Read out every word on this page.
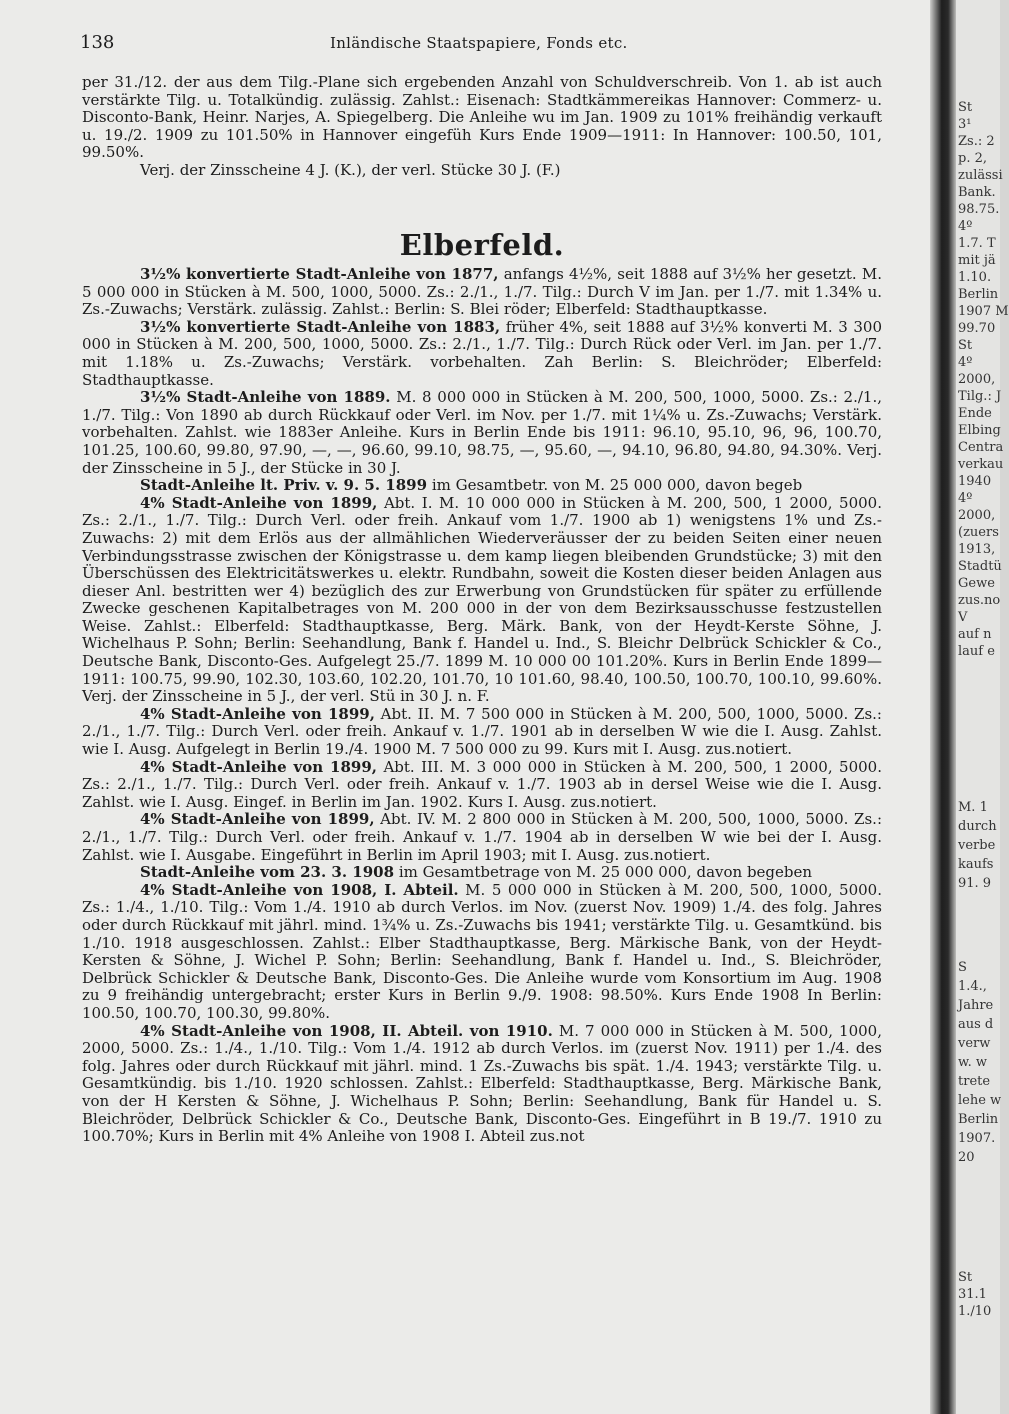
138	Inländische Staatspapiere, Fonds etc.

per 31./12. der aus dem Tilg.-Plane sich ergebenden Anzahl von Schuldverschreib. Von 1. ab ist auch verstärkte Tilg. u. Totalkündig. zulässig. Zahlst.: Eisenach: Stadtkämmereikas Hannover: Commerz- u. Disconto-Bank, Heinr. Narjes, A. Spiegelberg. Die Anleihe wu im Jan. 1909 zu 101% freihändig verkauft u. 19./2. 1909 zu 101.50% in Hannover eingefüh Kurs Ende 1909—1911: In Hannover: 100.50, 101, 99.50%.

Verj. der Zinsscheine 4 J. (K.), der verl. Stücke 30 J. (F.)

Elberfeld.

3½% konvertierte Stadt-Anleihe von 1877, anfangs 4½%, seit 1888 auf 3½% her gesetzt. M. 5 000 000 in Stücken à M. 500, 1000, 5000. Zs.: 2./1., 1./7. Tilg.: Durch V im Jan. per 1./7. mit 1.34% u. Zs.-Zuwachs; Verstärk. zulässig. Zahlst.: Berlin: S. Blei röder; Elberfeld: Stadthauptkasse.

3½% konvertierte Stadt-Anleihe von 1883, früher 4%, seit 1888 auf 3½% konverti M. 3 300 000 in Stücken à M. 200, 500, 1000, 5000. Zs.: 2./1., 1./7. Tilg.: Durch Rück oder Verl. im Jan. per 1./7. mit 1.18% u. Zs.-Zuwachs; Verstärk. vorbehalten. Zah Berlin: S. Bleichröder; Elberfeld: Stadthauptkasse.

3½% Stadt-Anleihe von 1889. M. 8 000 000 in Stücken à M. 200, 500, 1000, 5000. Zs.: 2./1., 1./7. Tilg.: Von 1890 ab durch Rückkauf oder Verl. im Nov. per 1./7. mit 1¼% u. Zs.-Zuwachs; Verstärk. vorbehalten. Zahlst. wie 1883er Anleihe. Kurs in Berlin Ende bis 1911: 96.10, 95.10, 96, 96, 100.70, 101.25, 100.60, 99.80, 97.90, —, —, 96.60, 99.10, 98.75, —, 95.60, —, 94.10, 96.80, 94.80, 94.30%. Verj. der Zinsscheine in 5 J., der Stücke in 30 J.

Stadt-Anleihe lt. Priv. v. 9. 5. 1899 im Gesamtbetr. von M. 25 000 000, davon begeb

4% Stadt-Anleihe von 1899, Abt. I. M. 10 000 000 in Stücken à M. 200, 500, 1 2000, 5000. Zs.: 2./1., 1./7. Tilg.: Durch Verl. oder freih. Ankauf vom 1./7. 1900 ab 1) wenigstens 1% und Zs.-Zuwachs: 2) mit dem Erlös aus der allmählichen Wiederveräusser der zu beiden Seiten einer neuen Verbindungsstrasse zwischen der Königstrasse u. dem kamp liegen bleibenden Grundstücke; 3) mit den Überschüssen des Elektricitätswerkes u. elektr. Rundbahn, soweit die Kosten dieser beiden Anlagen aus dieser Anl. bestritten wer 4) bezüglich des zur Erwerbung von Grundstücken für später zu erfüllende Zwecke geschenen Kapitalbetrages von M. 200 000 in der von dem Bezirksausschusse festzustellen Weise. Zahlst.: Elberfeld: Stadthauptkasse, Berg. Märk. Bank, von der Heydt-Kerste Söhne, J. Wichelhaus P. Sohn; Berlin: Seehandlung, Bank f. Handel u. Ind., S. Bleichr Delbrück Schickler & Co., Deutsche Bank, Disconto-Ges. Aufgelegt 25./7. 1899 M. 10 000 00 101.20%. Kurs in Berlin Ende 1899—1911: 100.75, 99.90, 102.30, 103.60, 102.20, 101.70, 10 101.60, 98.40, 100.50, 100.70, 100.10, 99.60%. Verj. der Zinsscheine in 5 J., der verl. Stü in 30 J. n. F.

4% Stadt-Anleihe von 1899, Abt. II. M. 7 500 000 in Stücken à M. 200, 500, 1000, 5000. Zs.: 2./1., 1./7. Tilg.: Durch Verl. oder freih. Ankauf v. 1./7. 1901 ab in derselben W wie die I. Ausg. Zahlst. wie I. Ausg. Aufgelegt in Berlin 19./4. 1900 M. 7 500 000 zu 99. Kurs mit I. Ausg. zus.notiert.

4% Stadt-Anleihe von 1899, Abt. III. M. 3 000 000 in Stücken à M. 200, 500, 1 2000, 5000. Zs.: 2./1., 1./7. Tilg.: Durch Verl. oder freih. Ankauf v. 1./7. 1903 ab in dersel Weise wie die I. Ausg. Zahlst. wie I. Ausg. Eingef. in Berlin im Jan. 1902. Kurs I. Ausg. zus.notiert.

4% Stadt-Anleihe von 1899, Abt. IV. M. 2 800 000 in Stücken à M. 200, 500, 1000, 5000. Zs.: 2./1., 1./7. Tilg.: Durch Verl. oder freih. Ankauf v. 1./7. 1904 ab in derselben W wie bei der I. Ausg. Zahlst. wie I. Ausgabe. Eingeführt in Berlin im April 1903; mit I. Ausg. zus.notiert.

Stadt-Anleihe vom 23. 3. 1908 im Gesamtbetrage von M. 25 000 000, davon begeben

4% Stadt-Anleihe von 1908, I. Abteil. M. 5 000 000 in Stücken à M. 200, 500, 1000, 5000. Zs.: 1./4., 1./10. Tilg.: Vom 1./4. 1910 ab durch Verlos. im Nov. (zuerst Nov. 1909) 1./4. des folg. Jahres oder durch Rückkauf mit jährl. mind. 1¾% u. Zs.-Zuwachs bis 1941; verstärkte Tilg. u. Gesamtkünd. bis 1./10. 1918 ausgeschlossen. Zahlst.: Elber Stadthauptkasse, Berg. Märkische Bank, von der Heydt-Kersten & Söhne, J. Wichel P. Sohn; Berlin: Seehandlung, Bank f. Handel u. Ind., S. Bleichröder, Delbrück Schickler & Deutsche Bank, Disconto-Ges. Die Anleihe wurde vom Konsortium im Aug. 1908 zu 9 freihändig untergebracht; erster Kurs in Berlin 9./9. 1908: 98.50%. Kurs Ende 1908 In Berlin: 100.50, 100.70, 100.30, 99.80%.

4% Stadt-Anleihe von 1908, II. Abteil. von 1910. M. 7 000 000 in Stücken à M. 500, 1000, 2000, 5000. Zs.: 1./4., 1./10. Tilg.: Vom 1./4. 1912 ab durch Verlos. im (zuerst Nov. 1911) per 1./4. des folg. Jahres oder durch Rückkauf mit jährl. mind. 1 Zs.-Zuwachs bis spät. 1./4. 1943; verstärkte Tilg. u. Gesamtkündig. bis 1./10. 1920 schlossen. Zahlst.: Elberfeld: Stadthauptkasse, Berg. Märkische Bank, von der H Kersten & Söhne, J. Wichelhaus P. Sohn; Berlin: Seehandlung, Bank für Handel u. S. Bleichröder, Delbrück Schickler & Co., Deutsche Bank, Disconto-Ges. Eingeführt in B 19./7. 1910 zu 100.70%; Kurs in Berlin mit 4% Anleihe von 1908 I. Abteil zus.not

St
3¹
Zs.: 2
p. 2,
zulässi
Bank.
98.75.
4º
1.7. T
mit jä
1.10.
Berlin
1907 M
99.70
St
4º
2000,
Tilg.: J
Ende
Elbing
Centra
verkau
1940
4º
2000,
(zuers
1913,
Stadtü
Gewe
zus.no
V
auf n
lauf e
M. 1
durch
verbe
kaufs
91. 9
S
1.4.,
Jahre
aus d
verw
w. w
trete
lehe w
Berlin
1907.
20
St
31.1
1./10
